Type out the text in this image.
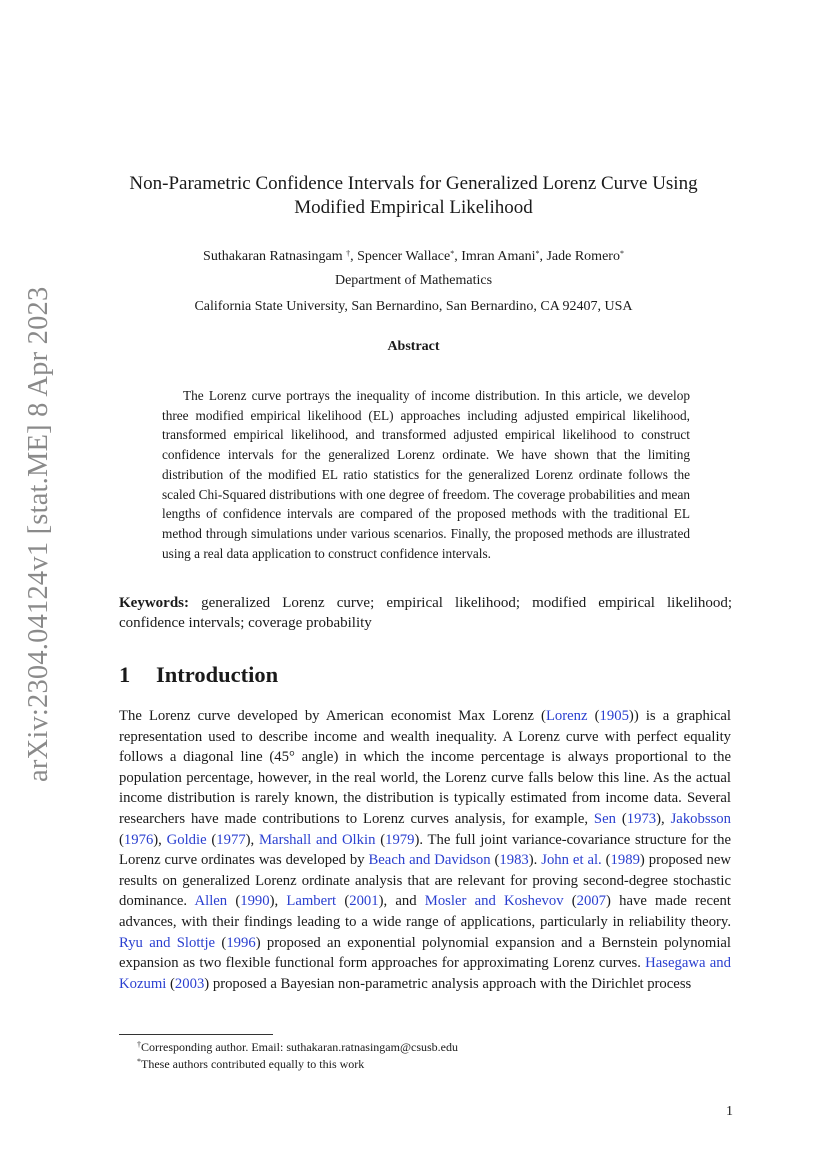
arXiv:2304.04124v1 [stat.ME] 8 Apr 2023
Non-Parametric Confidence Intervals for Generalized Lorenz Curve Using
Modified Empirical Likelihood
Suthakaran Ratnasingam †, Spencer Wallace*, Imran Amani*, Jade Romero*
Department of Mathematics
California State University, San Bernardino, San Bernardino, CA 92407, USA
Abstract
The Lorenz curve portrays the inequality of income distribution. In this article, we develop three modified empirical likelihood (EL) approaches including adjusted empirical likelihood, transformed empirical likelihood, and transformed adjusted empirical likelihood to construct confidence intervals for the generalized Lorenz ordinate. We have shown that the limiting distribution of the modified EL ratio statistics for the generalized Lorenz ordinate follows the scaled Chi-Squared distributions with one degree of freedom. The coverage probabilities and mean lengths of confidence intervals are compared of the proposed methods with the traditional EL method through simulations under various scenarios. Finally, the proposed methods are illustrated using a real data application to construct confidence intervals.
Keywords: generalized Lorenz curve; empirical likelihood; modified empirical likelihood; confidence intervals; coverage probability
1 Introduction
The Lorenz curve developed by American economist Max Lorenz (Lorenz (1905)) is a graphical representation used to describe income and wealth inequality. A Lorenz curve with perfect equality follows a diagonal line (45° angle) in which the income percentage is always proportional to the population percentage, however, in the real world, the Lorenz curve falls below this line. As the actual income distribution is rarely known, the distribution is typically estimated from income data. Several researchers have made contributions to Lorenz curves analysis, for example, Sen (1973), Jakobsson (1976), Goldie (1977), Marshall and Olkin (1979). The full joint variance-covariance structure for the Lorenz curve ordinates was developed by Beach and Davidson (1983). John et al. (1989) proposed new results on generalized Lorenz ordinate analysis that are relevant for proving second-degree stochastic dominance. Allen (1990), Lambert (2001), and Mosler and Koshevov (2007) have made recent advances, with their findings leading to a wide range of applications, particularly in reliability theory. Ryu and Slottje (1996) proposed an exponential polynomial expansion and a Bernstein polynomial expansion as two flexible functional form approaches for approximating Lorenz curves. Hasegawa and Kozumi (2003) proposed a Bayesian non-parametric analysis approach with the Dirichlet process
†Corresponding author. Email: suthakaran.ratnasingam@csusb.edu
*These authors contributed equally to this work
1
